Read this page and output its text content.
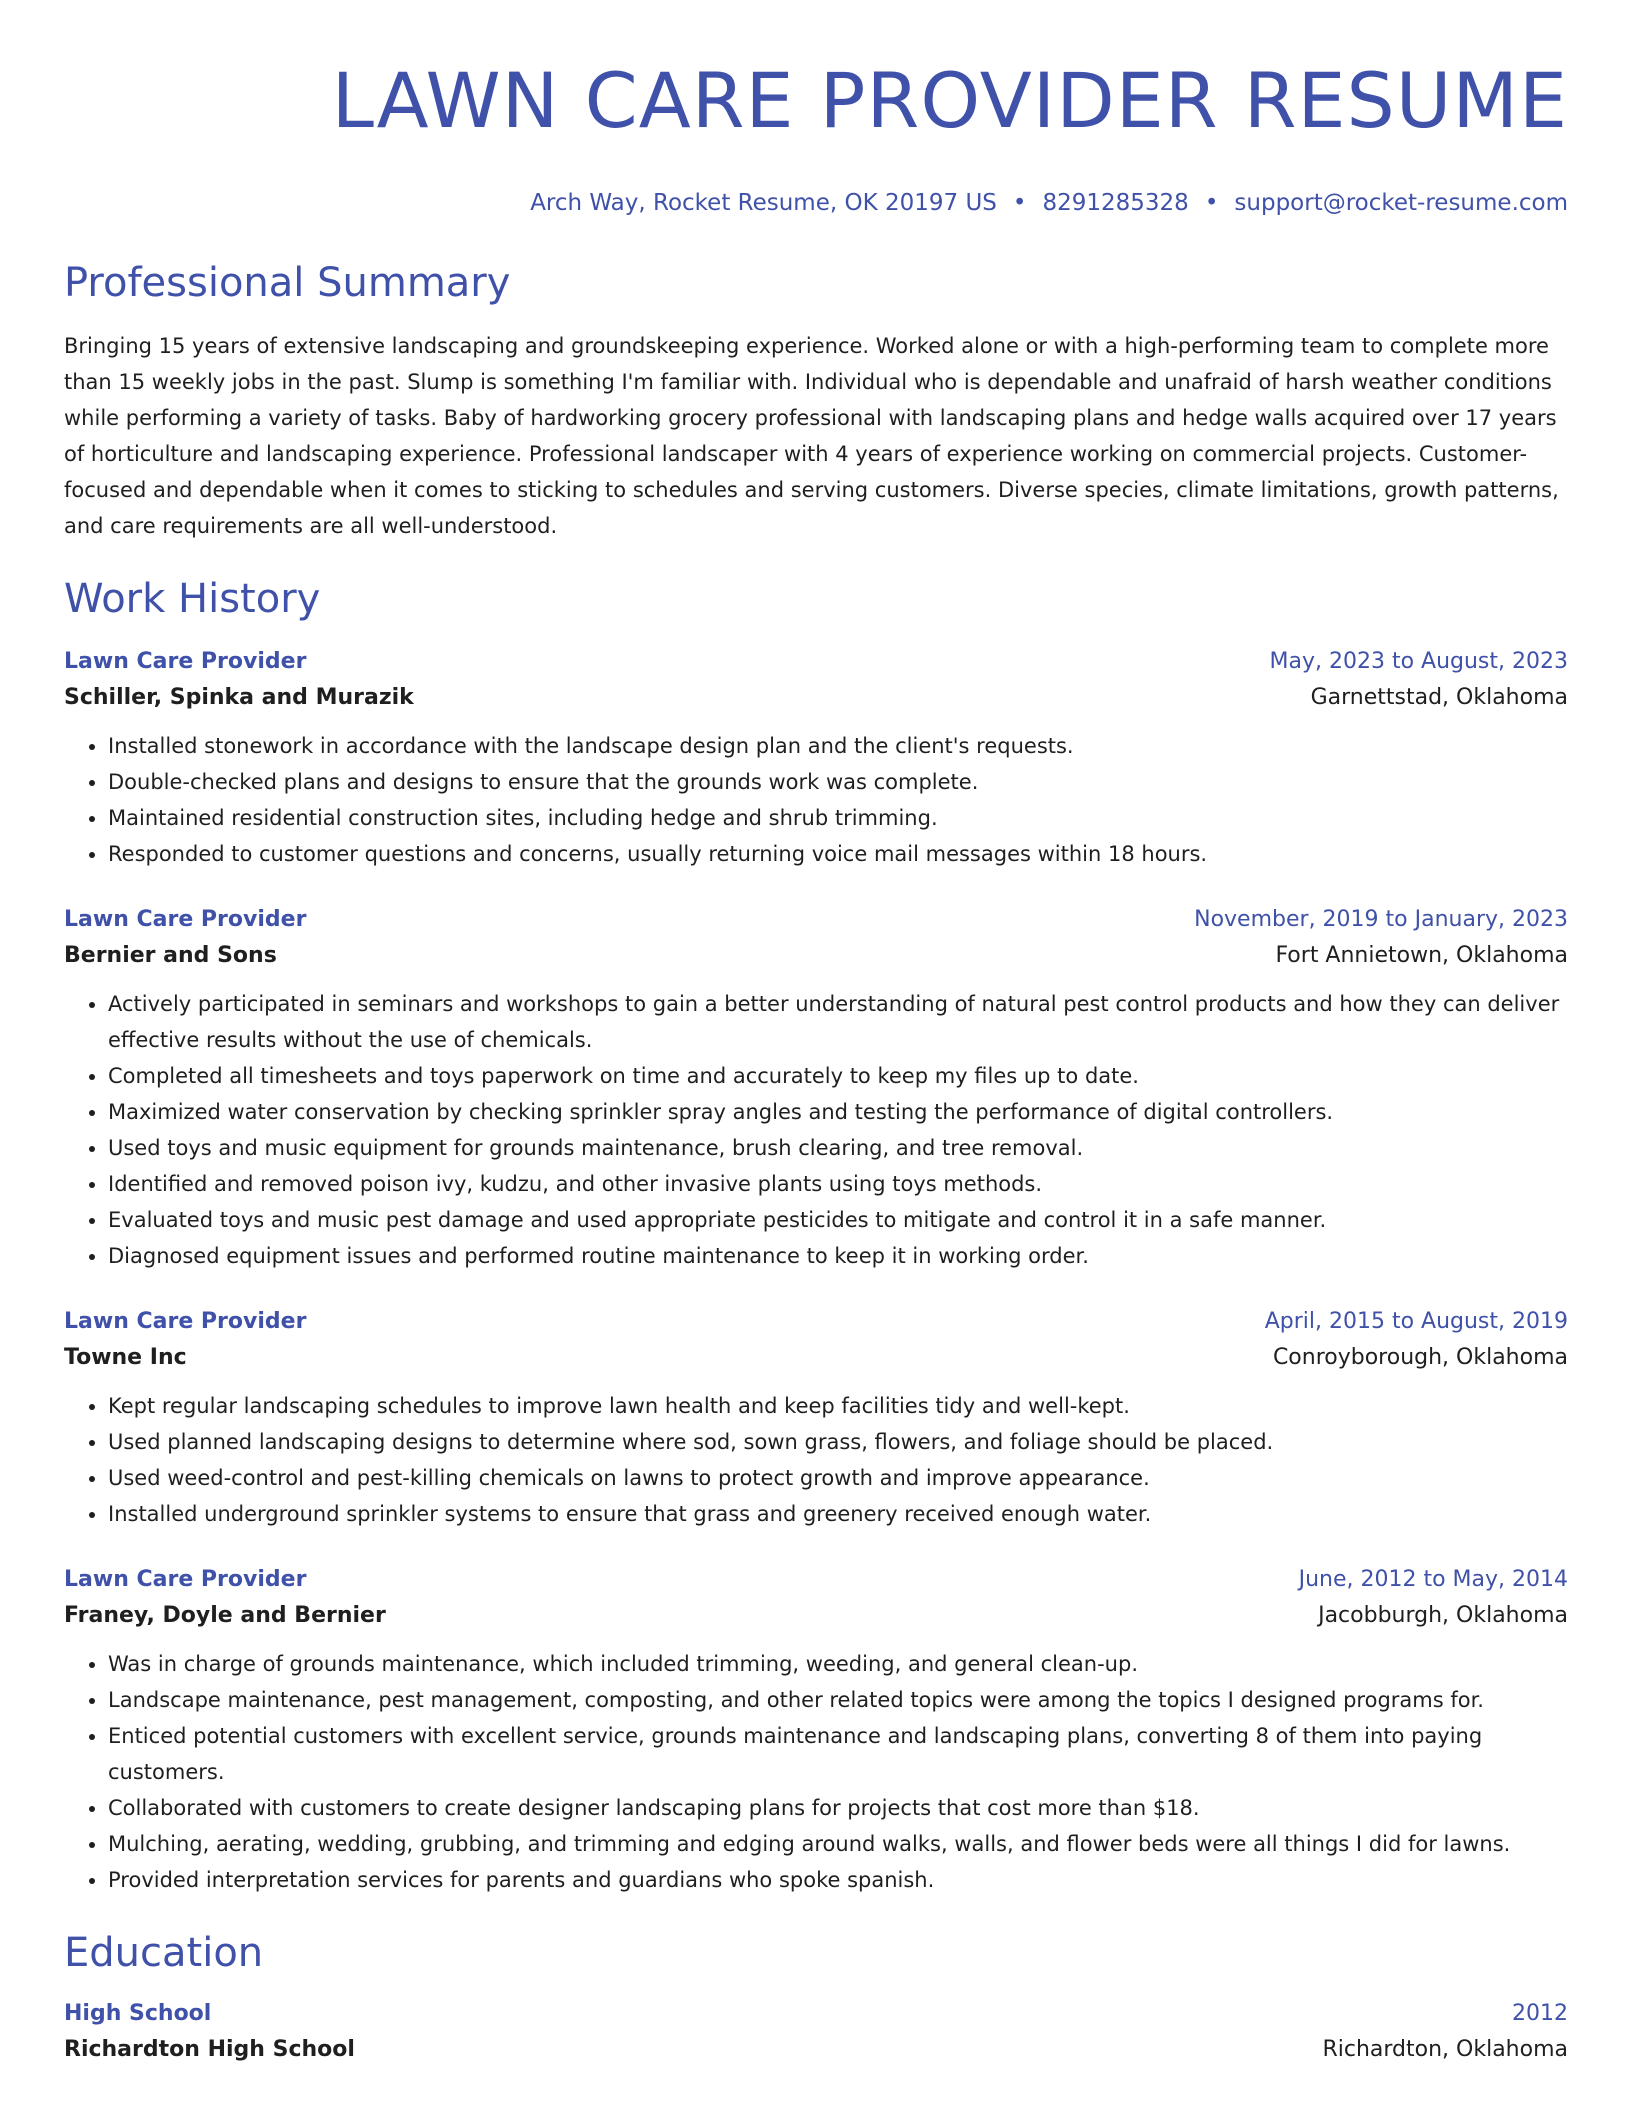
LAWN CARE PROVIDER RESUME
Arch Way, Rocket Resume, OK 20197 US • 8291285328 • support@rocket-resume.com
Professional Summary

Bringing 15 years of extensive landscaping and groundskeeping experience. Worked alone or with a high-performing team to complete more than 15 weekly jobs in the past. Slump is something I'm familiar with. Individual who is dependable and unafraid of harsh weather conditions while performing a variety of tasks. Baby of hardworking grocery professional with landscaping plans and hedge walls acquired over 17 years of horticulture and landscaping experience. Professional landscaper with 4 years of experience working on commercial projects. Customer-focused and dependable when it comes to sticking to schedules and serving customers. Diverse species, climate limitations, growth patterns, and care requirements are all well-understood.

Work History
Lawn Care Provider	May, 2023 to August, 2023
Schiller, Spinka and Murazik	Garnettstad, Oklahoma
• Installed stonework in accordance with the landscape design plan and the client's requests.
• Double-checked plans and designs to ensure that the grounds work was complete.
• Maintained residential construction sites, including hedge and shrub trimming.
• Responded to customer questions and concerns, usually returning voice mail messages within 18 hours.
Lawn Care Provider	November, 2019 to January, 2023
Bernier and Sons	Fort Annietown, Oklahoma
• Actively participated in seminars and workshops to gain a better understanding of natural pest control products and how they can deliver effective results without the use of chemicals.
• Completed all timesheets and toys paperwork on time and accurately to keep my files up to date.
• Maximized water conservation by checking sprinkler spray angles and testing the performance of digital controllers.
• Used toys and music equipment for grounds maintenance, brush clearing, and tree removal.
• Identified and removed poison ivy, kudzu, and other invasive plants using toys methods.
• Evaluated toys and music pest damage and used appropriate pesticides to mitigate and control it in a safe manner.
• Diagnosed equipment issues and performed routine maintenance to keep it in working order.
Lawn Care Provider	April, 2015 to August, 2019
Towne Inc	Conroyborough, Oklahoma
• Kept regular landscaping schedules to improve lawn health and keep facilities tidy and well-kept.
• Used planned landscaping designs to determine where sod, sown grass, flowers, and foliage should be placed.
• Used weed-control and pest-killing chemicals on lawns to protect growth and improve appearance.
• Installed underground sprinkler systems to ensure that grass and greenery received enough water.
Lawn Care Provider	June, 2012 to May, 2014
Franey, Doyle and Bernier	Jacobburgh, Oklahoma
• Was in charge of grounds maintenance, which included trimming, weeding, and general clean-up.
• Landscape maintenance, pest management, composting, and other related topics were among the topics I designed programs for.
• Enticed potential customers with excellent service, grounds maintenance and landscaping plans, converting 8 of them into paying customers.
• Collaborated with customers to create designer landscaping plans for projects that cost more than $18.
• Mulching, aerating, wedding, grubbing, and trimming and edging around walks, walls, and flower beds were all things I did for lawns.
• Provided interpretation services for parents and guardians who spoke spanish.
Education
High School	2012
Richardton High School	Richardton, Oklahoma
